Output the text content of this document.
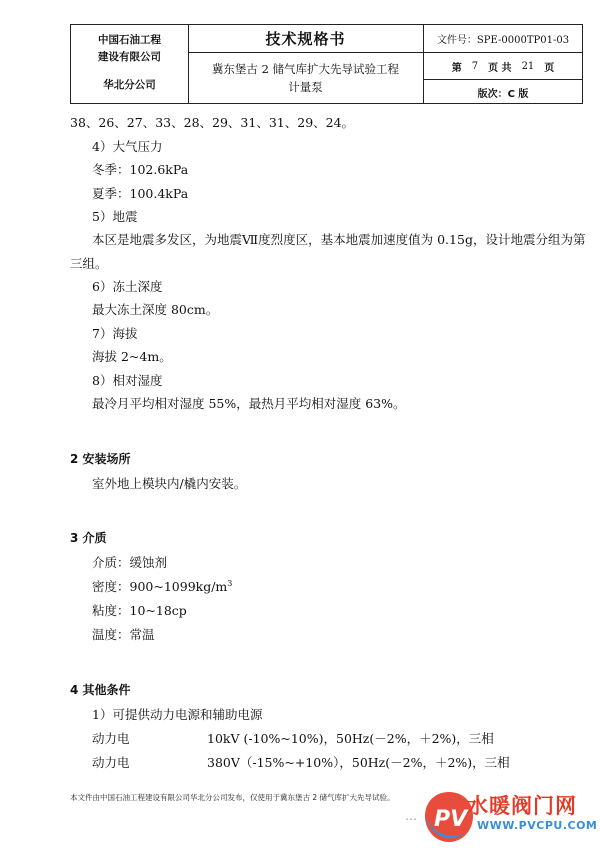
中国石油工程
建设有限公司
华北分公司
技术规格书
冀东堡古 2 储气库扩大先导试验工程
计量泵
文件号：SPE-0000TP01-03
第 7 页 共 21 页
版次：C 版
38、26、27、33、28、29、31、31、29、24。
4）大气压力
冬季：102.6kPa
夏季：100.4kPa
5）地震
本区是地震多发区，为地震Ⅶ度烈度区，基本地震加速度值为 0.15g，设计地震分组为第
三组。
6）冻土深度
最大冻土深度 80cm。
7）海拔
海拔 2~4m。
8）相对湿度
最冷月平均相对湿度 55%，最热月平均相对湿度 63%。
2 安装场所
室外地上模块内/橇内安装。
3 介质
介质：缓蚀剂
密度：$900\sim 1099kg/m^3$
粘度：10~18cp
温度：常温
4 其他条件
1）可提供动力电源和辅助电源
动力电	10kV (-10%~10%)，50Hz(－2%，＋2%)，三相
动力电	380V（-15%~+10%），50Hz(－2%，＋2%)，三相
本文件由中国石油工程建设有限公司华北分公司发布，仅使用于冀东堡古 2 储气库扩大先导试验。
⋯ PV
水暖阀门网
WWW.PVCPU.COM
